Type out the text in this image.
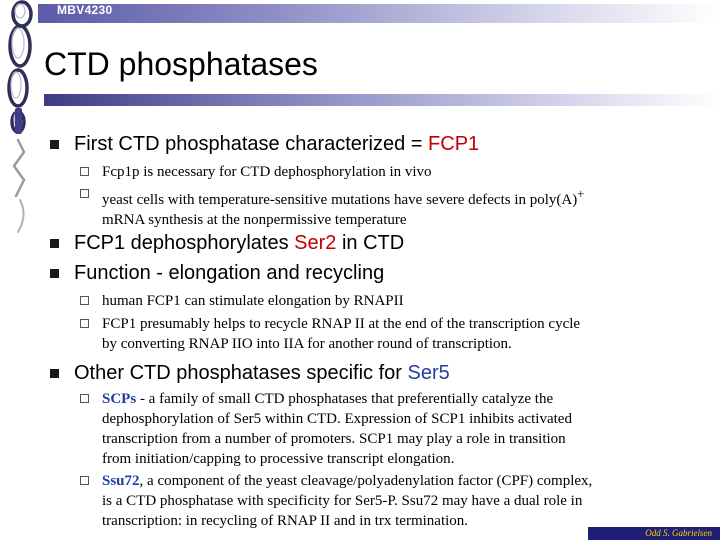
MBV4230
CTD phosphatases
First CTD phosphatase characterized = FCP1
Fcp1p is necessary for CTD dephosphorylation in vivo
yeast cells with temperature-sensitive mutations have severe defects in poly(A)+
mRNA synthesis at the nonpermissive temperature
FCP1 dephosphorylates Ser2 in CTD
Function - elongation and recycling
human FCP1 can stimulate elongation by RNAPII
FCP1 presumably helps to recycle RNAP II at the end of the transcription cycle
by converting RNAP IIO into IIA for another round of transcription.
Other CTD phosphatases specific for Ser5
SCPs - a family of small CTD phosphatases that preferentially catalyze the
dephosphorylation of Ser5 within CTD. Expression of SCP1 inhibits activated
transcription from a number of promoters. SCP1 may play a role in transition
from initiation/capping to processive transcript elongation.
Ssu72, a component of the yeast cleavage/polyadenylation factor (CPF) complex,
is a CTD phosphatase with specificity for Ser5-P. Ssu72 may have a dual role in
transcription: in recycling of RNAP II and in trx termination.
Odd S. Gabrielsen
